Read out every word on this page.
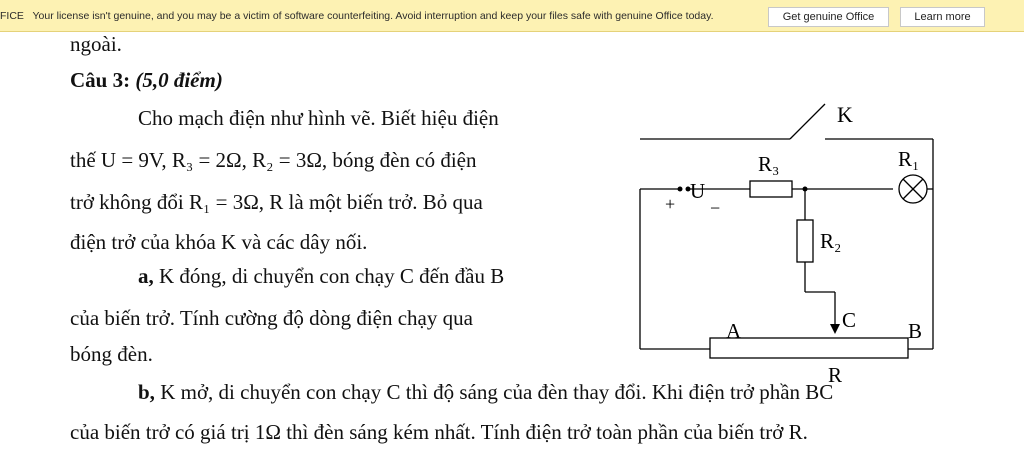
FICE Your license isn't genuine, and you may be a victim of software counterfeiting. Avoid interruption and keep your files safe with genuine Office today.	Get genuine Office	Learn more
ngoài.
Câu 3: (5,0 điểm)
Cho mạch điện như hình vẽ. Biết hiệu điện
thế U = 9V, R₃ = 2Ω, R₂ = 3Ω, bóng đèn có điện
trở không đổi R₁ = 3Ω, R là một biến trở. Bỏ qua
điện trở của khóa K và các dây nối.
a, K đóng, di chuyển con chạy C đến đầu B
của biến trở. Tính cường độ dòng điện chạy qua
bóng đèn.
b, K mở, di chuyển con chạy C thì độ sáng của đèn thay đổi. Khi điện trở phần BC
của biến trở có giá trị 1Ω thì đèn sáng kém nhất. Tính điện trở toàn phần của biến trở R.
K
R₃	R₁
R₂
U
+ −
C
A	B
R
